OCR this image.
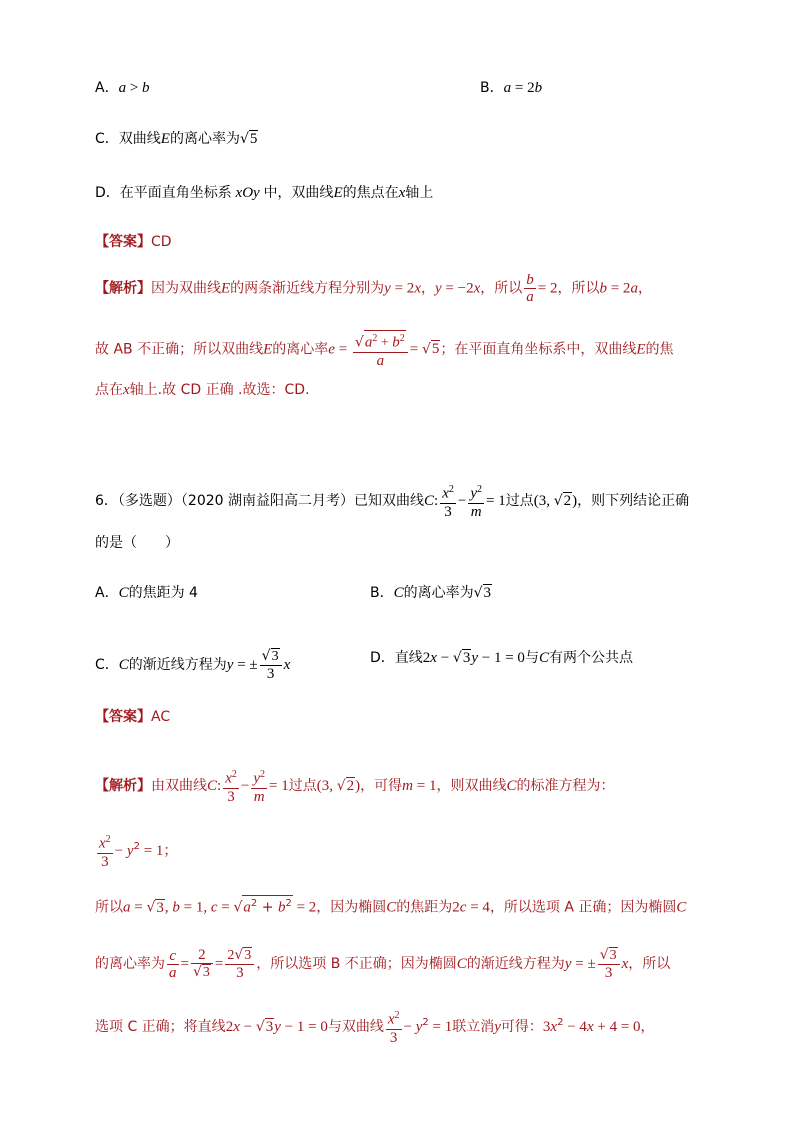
A．a > b	B．a = 2b
C．双曲线E的离心率为√5
D．在平面直角坐标系 xOy 中，双曲线E的焦点在x轴上
【答案】CD
【解析】因为双曲线E的两条渐近线方程分别为y = 2x，y = −2x，所以 $\frac{b}{a} = 2$，所以b = 2a，
故 AB 不正确；所以双曲线E的离心率$e = \frac{√a^2 + b^2}{a} = √5$；在平面直角坐标系中，双曲线E的焦
点在x轴上.故 CD 正确 .故选：CD.
6．（多选题）（2020 湖南益阳高二月考）已知双曲线C: $\frac{x^2}{3} - \frac{y^2}{m} = 1$过点(3, √2)，则下列结论正确
的是（　　）
A．C的焦距为 4	B．C的离心率为√3
C．C的渐近线方程为y = ± $\frac{√3}{3}$ x	D．直线2x − √3y − 1 = 0与C有两个公共点
【答案】AC
【解析】由双曲线C: $\frac{x^2}{3} - \frac{y^2}{m} = 1$过点(3, √2)，可得m = 1，则双曲线C的标准方程为：
$\frac{x^2}{3} - y^2 = 1$；
所以a = √3, b = 1, $c = √a^2 + b^2 = 2$，因为椭圆C的焦距为2c = 4，所以选项 A 正确；因为椭圆C
的离心率为 $\frac{c}{a} = \frac{2}{√3} = \frac{2√3}{3}$ ，所以选项 B 不正确；因为椭圆C的渐近线方程为y = ± $\frac{√3}{3}$ x，所以
选项 C 正确；将直线2x − √3y − 1 = 0与双曲线 $\frac{x^2}{3} - y^2 = 1$联立消y可得：$3x^2 - 4x + 4 = 0$，
